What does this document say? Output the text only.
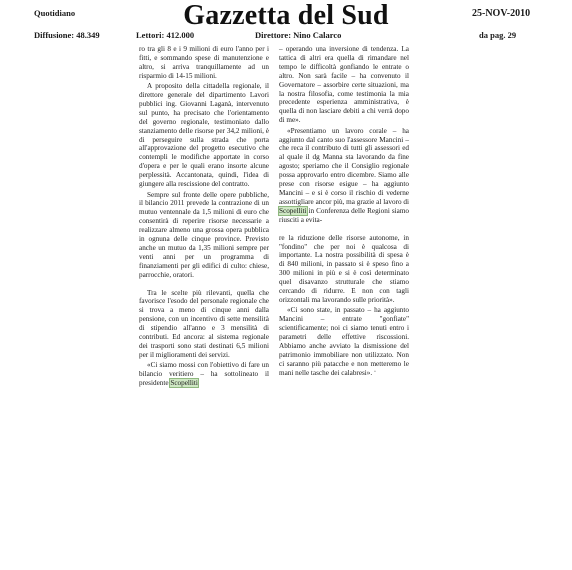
Gazzetta del Sud
Quotidiano	25-NOV-2010
Diffusione: 48.349	Lettori: 412.000	Direttore: Nino Calarco	da pag. 29

ro tra gli 8 e i 9 milioni di euro l'anno per i fitti, e sommando spese di manutenzione e altro, si arriva tranquillamente ad un risparmio di 14-15 milioni.

A proposito della cittadella regionale, il direttore generale del dipartimento Lavori pubblici ing. Giovanni Laganà, intervenuto sul punto, ha precisato che l'orientamento del governo regionale, testimoniato dallo stanziamento delle risorse per 34,2 milioni, è di perseguire sulla strada che porta all'approvazione del progetto esecutivo che contempli le modifiche apportate in corso d'opera e per le quali erano insorte alcune perplessità. Accantonata, quindi, l'idea di giungere alla rescissione del contratto.

Sempre sul fronte delle opere pubbliche, il bilancio 2011 prevede la contrazione di un mutuo ventennale da 1,5 milioni di euro che consentirà di reperire risorse necessarie a realizzare almeno una grossa opera pubblica in ognuna delle cinque province. Previsto anche un mutuo da 1,35 milioni sempre per venti anni per un programma di finanziamenti per gli edifici di culto: chiese, parrocchie, oratori.

Tra le scelte più rilevanti, quella che favorisce l'esodo del personale regionale che si trova a meno di cinque anni dalla pensione, con un incentivo di sette mensilità di stipendio all'anno e 3 mensilità di contributi. Ed ancora: al sistema regionale dei trasporti sono stati destinati 6,5 milioni per il miglioramenti dei servizi.

«Ci siamo mossi con l'obiettivo di fare un bilancio veritiero – ha sottolineato il presidente Scopelliti

– operando una inversione di tendenza. La tattica di altri era quella di rimandare nel tempo le difficoltà gonfiando le entrate o altro. Non sarà facile – ha convenuto il Governatore – assorbire certe situazioni, ma la nostra filosofia, come testimonia la mia precedente esperienza amministrativa, è quella di non lasciare debiti a chi verrà dopo di me».

«Presentiamo un lavoro corale – ha aggiunto dal canto suo l'assessore Mancini – che reca il contributo di tutti gli assessori ed al quale il dg Manna sta lavorando da fine agosto; speriamo che il Consiglio regionale possa approvarlo entro dicembre. Siamo alle prese con risorse esigue – ha aggiunto Mancini – e si è corso il rischio di vederne assottigliare ancor più, ma grazie al lavoro di Scopelliti in Conferenza delle Regioni siamo riusciti a evita-

re la riduzione delle risorse autonome, in "fondino" che per noi è qualcosa di importante. La nostra possibilità di spesa è di 840 milioni, in passato si è speso fino a 300 milioni in più e si è così determinato quel disavanzo strutturale che stiamo cercando di ridurre. E non con tagli orizzontali ma lavorando sulle priorità».

«Ci sono state, in passato – ha aggiunto Mancini – entrate "gonfiate" scientificamente; noi ci siamo tenuti entro i parametri delle effettive riscossioni. Abbiamo anche avviato la dismissione del patrimonio immobiliare non utilizzato. Non ci saranno più patacche e non metteremo le mani nelle tasche dei calabresi». ▫
